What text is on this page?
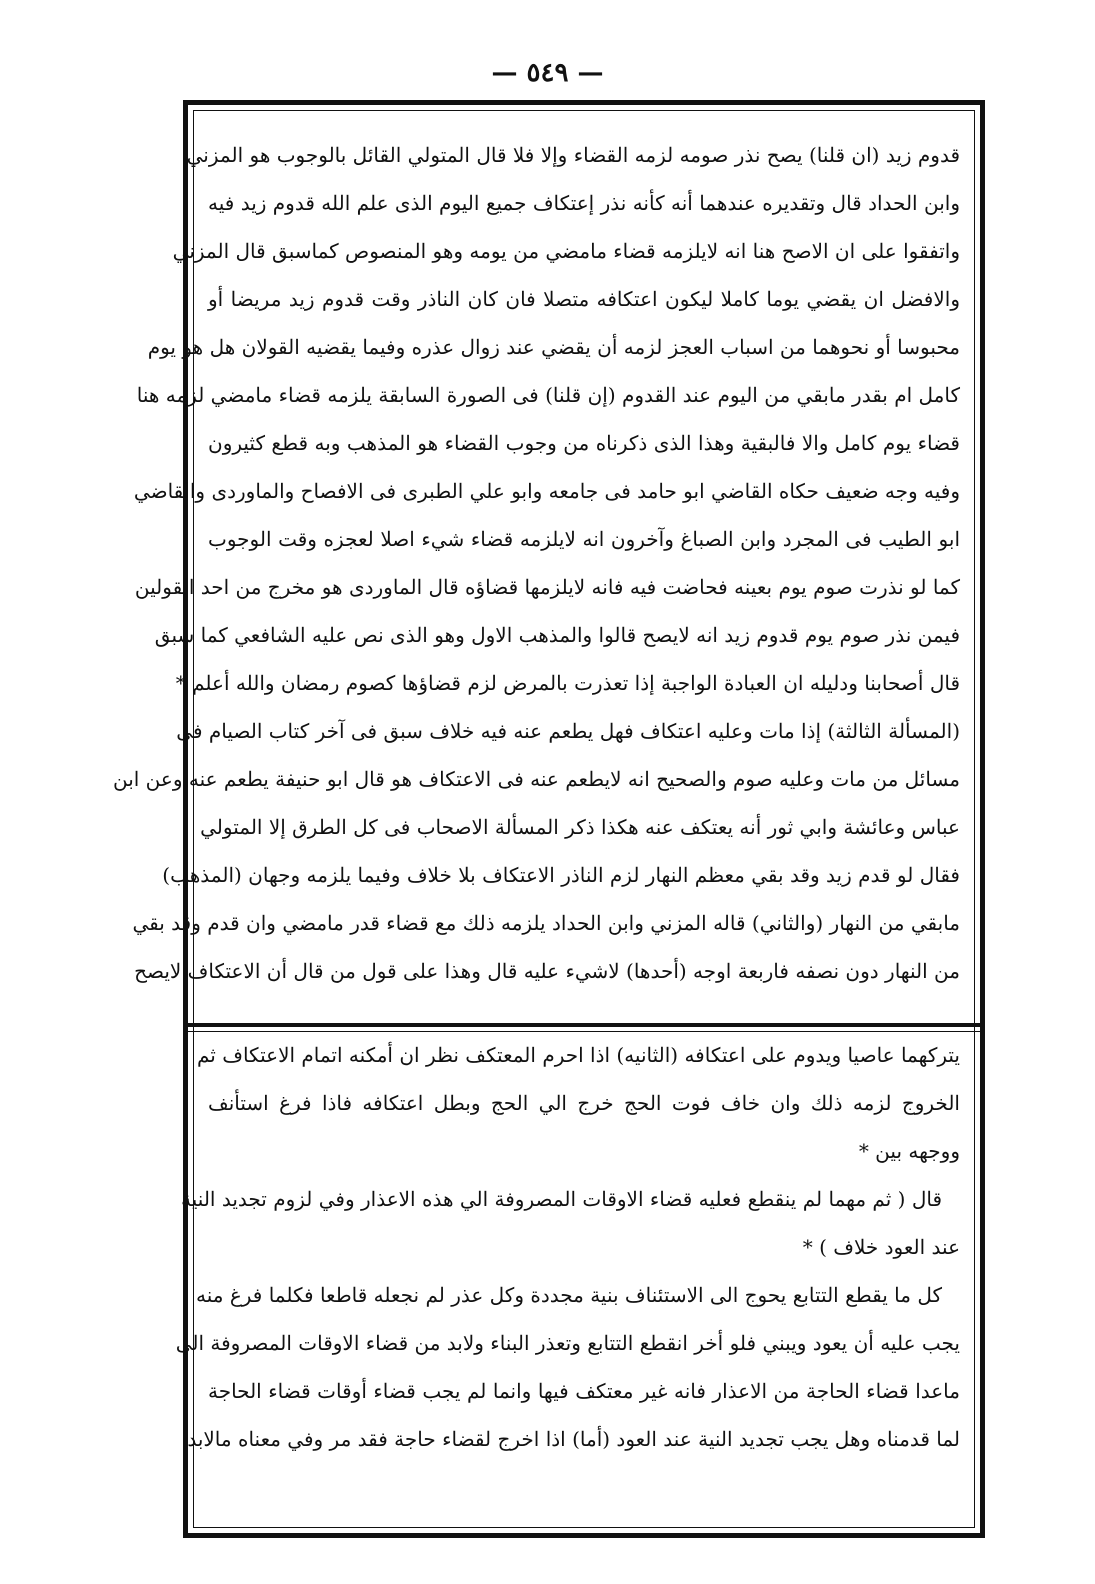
— ٥٤٩ —
قدوم زيد (ان قلنا) يصح نذر صومه لزمه القضاء وإلا فلا قال المتولي القائل بالوجوب هو المزني
وابن الحداد قال وتقديره عندهما أنه كأنه نذر إعتكاف جميع اليوم الذى علم الله قدوم زيد فيه
واتفقوا على ان الاصح هنا انه لايلزمه قضاء مامضي من يومه وهو المنصوص كماسبق قال المزني
والافضل ان يقضي يوما كاملا ليكون اعتكافه متصلا فان كان الناذر وقت قدوم زيد مريضا أو
محبوسا أو نحوهما من اسباب العجز لزمه أن يقضي عند زوال عذره وفيما يقضيه القولان هل هو يوم
كامل ام بقدر مابقي من اليوم عند القدوم (إن قلنا) فى الصورة السابقة يلزمه قضاء مامضي لزمه هنا
قضاء يوم كامل والا فالبقية وهذا الذى ذكرناه من وجوب القضاء هو المذهب وبه قطع كثيرون
وفيه وجه ضعيف حكاه القاضي ابو حامد فى جامعه وابو علي الطبرى فى الافصاح والماوردى والقاضي
ابو الطيب فى المجرد وابن الصباغ وآخرون انه لايلزمه قضاء شيء اصلا لعجزه وقت الوجوب
كما لو نذرت صوم يوم بعينه فحاضت فيه فانه لايلزمها قضاؤه قال الماوردى هو مخرج من احد القولين
فيمن نذر صوم يوم قدوم زيد انه لايصح قالوا والمذهب الاول وهو الذى نص عليه الشافعي كما سبق
قال أصحابنا ودليله ان العبادة الواجبة إذا تعذرت بالمرض لزم قضاؤها كصوم رمضان والله أعلم *
(المسألة الثالثة) إذا مات وعليه اعتكاف فهل يطعم عنه فيه خلاف سبق فى آخر كتاب الصيام فى
مسائل من مات وعليه صوم والصحيح انه لايطعم عنه فى الاعتكاف هو قال ابو حنيفة يطعم عنه وعن ابن
عباس وعائشة وابي ثور أنه يعتكف عنه هكذا ذكر المسألة الاصحاب فى كل الطرق إلا المتولي
فقال لو قدم زيد وقد بقي معظم النهار لزم الناذر الاعتكاف بلا خلاف وفيما يلزمه وجهان (المذهب)
مابقي من النهار (والثاني) قاله المزني وابن الحداد يلزمه ذلك مع قضاء قدر مامضي وان قدم وقد بقي
من النهار دون نصفه فاربعة اوجه (أحدها) لاشيء عليه قال وهذا على قول من قال أن الاعتكاف لايصح
يتركهما عاصيا ويدوم على اعتكافه (الثانيه) اذا احرم المعتكف نظر ان أمكنه اتمام الاعتكاف ثم
الخروج لزمه ذلك وان خاف فوت الحج خرج الي الحج وبطل اعتكافه فاذا فرغ استأنف
ووجهه بين *
قال ( ثم مهما لم ينقطع فعليه قضاء الاوقات المصروفة الي هذه الاعذار وفي لزوم تجديد النية
عند العود خلاف ) *
كل ما يقطع التتابع يحوج الى الاستئناف بنية مجددة وكل عذر لم نجعله قاطعا فكلما فرغ منه
يجب عليه أن يعود ويبني فلو أخر انقطع التتابع وتعذر البناء ولابد من قضاء الاوقات المصروفة الى
ماعدا قضاء الحاجة من الاعذار فانه غير معتكف فيها وانما لم يجب قضاء أوقات قضاء الحاجة
لما قدمناه وهل يجب تجديد النية عند العود (أما) اذا اخرج لقضاء حاجة فقد مر وفي معناه مالابد
